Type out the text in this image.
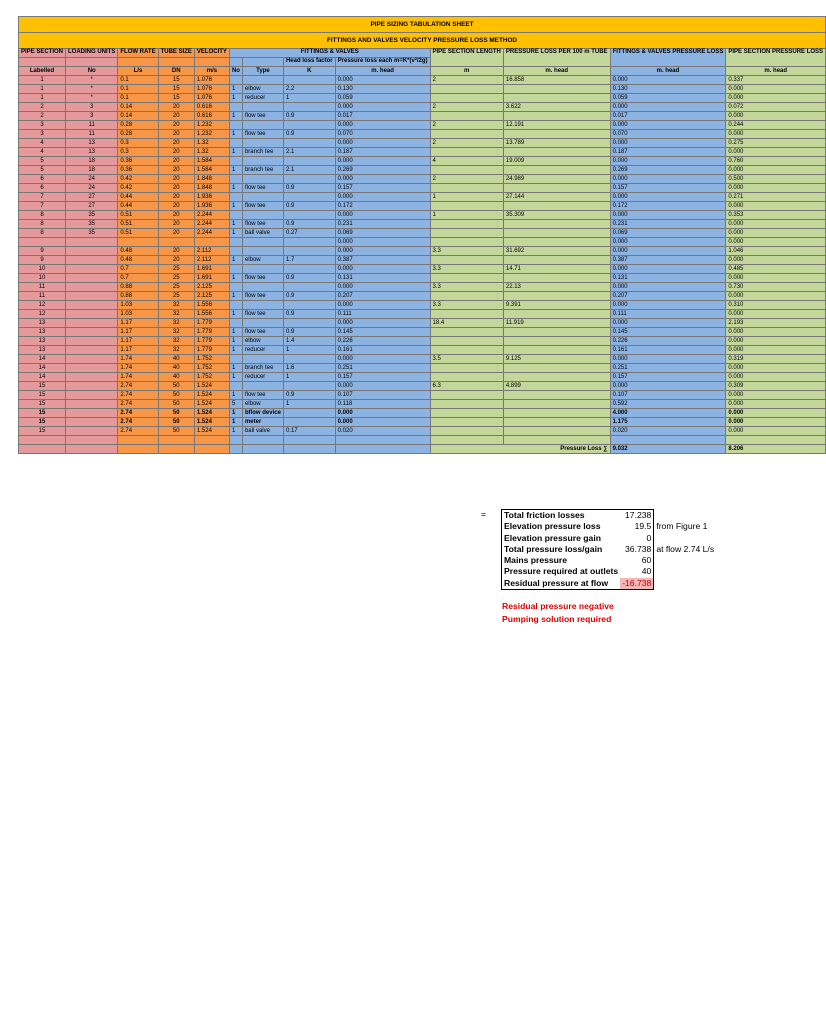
PIPE SIZING TABULATION SHEET												
FITTINGS AND VALVES VELOCITY PRESSURE LOSS METHOD												
PIPE SECTION	LOADING UNITS	FLOW RATE	TUBE SIZE	VELOCITY	FITTINGS & VALVES				PIPE SECTION LENGTH	PRESSURE LOSS PER 100 m TUBE	FITTINGS & VALVES PRESSURE LOSS	PIPE SECTION PRESSURE LOSS
							Head loss factor	Pressure loss each m=K*(v²/2g)				
Labelled	No	L/s	DN	m/s	No	Type	K	m. head	m	m. head	m. head	m. head
1	*	0.1	15	1.076				0.000	2	16.858	0.000	0.337
1	*	0.1	15	1.076	1	elbow	2.2	0.130			0.130	0.000
1	*	0.1	15	1.076	1	reducer	1	0.059			0.059	0.000
2	3	0.14	20	0.616				0.000	2	3.622	0.000	0.072
2	3	0.14	20	0.616	1	flow tee	0.9	0.017			0.017	0.000
3	11	0.28	20	1.232				0.000	2	12.191	0.000	0.244
3	11	0.28	20	1.232	1	flow tee	0.9	0.070			0.070	0.000
4	13	0.3	20	1.32				0.000	2	13.789	0.000	0.275
4	13	0.3	20	1.32	1	branch tee	2.1	0.187			0.187	0.000
5	18	0.36	20	1.584				0.000	4	19.009	0.000	0.760
5	18	0.36	20	1.584	1	branch tee	2.1	0.269			0.269	0.000
6	24	0.42	20	1.848				0.000	2	24.989	0.000	0.500
6	24	0.42	20	1.848	1	flow tee	0.9	0.157			0.157	0.000
7	27	0.44	20	1.936				0.000	1	27.144	0.000	0.271
7	27	0.44	20	1.936	1	flow tee	0.9	0.172			0.172	0.000
8	35	0.51	20	2.244				0.000	1	35.309	0.000	0.353
8	35	0.51	20	2.244	1	flow tee	0.9	0.231			0.231	0.000
8	35	0.51	20	2.244	1	ball valve	0.27	0.069			0.069	0.000
								0.000			0.000	0.000
9		0.48	20	2.112				0.000	3.3	31.692	0.000	1.046
9		0.48	20	2.112	1	elbow	1.7	0.387			0.387	0.000
10		0.7	25	1.691				0.000	3.3	14.71	0.000	0.485
10		0.7	25	1.691	1	flow tee	0.9	0.131			0.131	0.000
11		0.88	25	2.125				0.000	3.3	22.13	0.000	0.730
11		0.88	25	2.125	1	flow tee	0.9	0.207			0.207	0.000
12		1.03	32	1.556				0.000	3.3	9.391	0.000	0.310
12		1.03	32	1.556	1	flow tee	0.9	0.111			0.111	0.000
13		1.17	32	1.779				0.000	18.4	11.919	0.000	2.193
13		1.17	32	1.779	1	flow tee	0.9	0.145			0.145	0.000
13		1.17	32	1.779	1	elbow	1.4	0.226			0.226	0.000
13		1.17	32	1.779	1	reducer	1	0.161			0.161	0.000
14		1.74	40	1.752				0.000	3.5	9.125	0.000	0.319
14		1.74	40	1.752	1	branch tee	1.6	0.251			0.251	0.000
14		1.74	40	1.752	1	reducer	1	0.157			0.157	0.000
15		2.74	50	1.524				0.000	6.3	4.899	0.000	0.309
15		2.74	50	1.524	1	flow tee	0.9	0.107			0.107	0.000
15		2.74	50	1.524	5	elbow	1	0.118			0.592	0.000
15		2.74	50	1.524	1	bflow device		0.000			4.000	0.000
15		2.74	50	1.524	1	meter		0.000			1.175	0.000
15		2.74	50	1.524	1	ball valve	0.17	0.020			0.020	0.000

									Pressure Loss ∑		9.032	8.206
= Total friction losses	17.238	
Elevation pressure loss	19.5	from Figure 1
Elevation pressure gain	0	
Total pressure loss/gain	36.738	at flow 2.74 L/s
Mains pressure	60	
Pressure required at outlets	40	
Residual pressure at flow	-16.738	
Residual pressure negative
Pumping solution required
